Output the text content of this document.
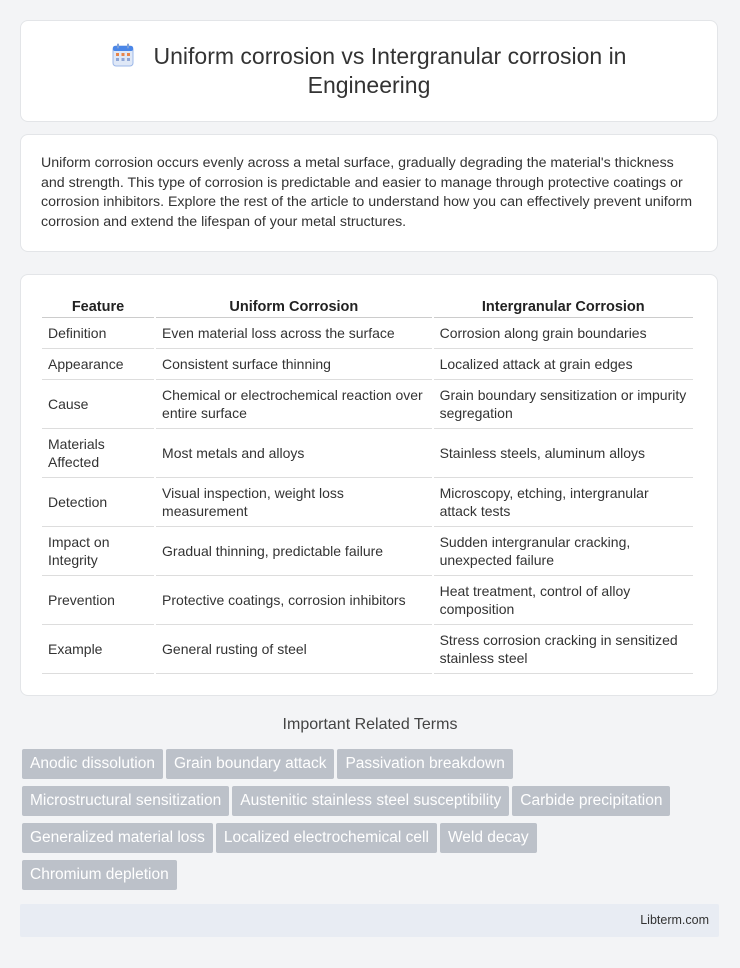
Uniform corrosion vs Intergranular corrosion in Engineering

Uniform corrosion occurs evenly across a metal surface, gradually degrading the material's thickness and strength. This type of corrosion is predictable and easier to manage through protective coatings or corrosion inhibitors. Explore the rest of the article to understand how you can effectively prevent uniform corrosion and extend the lifespan of your metal structures.

Feature	Uniform Corrosion	Intergranular Corrosion
Definition	Even material loss across the surface	Corrosion along grain boundaries
Appearance	Consistent surface thinning	Localized attack at grain edges
Cause	Chemical or electrochemical reaction over entire surface	Grain boundary sensitization or impurity segregation
Materials Affected	Most metals and alloys	Stainless steels, aluminum alloys
Detection	Visual inspection, weight loss measurement	Microscopy, etching, intergranular attack tests
Impact on Integrity	Gradual thinning, predictable failure	Sudden intergranular cracking, unexpected failure
Prevention	Protective coatings, corrosion inhibitors	Heat treatment, control of alloy composition
Example	General rusting of steel	Stress corrosion cracking in sensitized stainless steel
Important Related Terms
Anodic dissolution Grain boundary attack Passivation breakdown
Microstructural sensitization Austenitic stainless steel susceptibility Carbide precipitation
Generalized material loss Localized electrochemical cell Weld decay
Chromium depletion
Libterm.com
